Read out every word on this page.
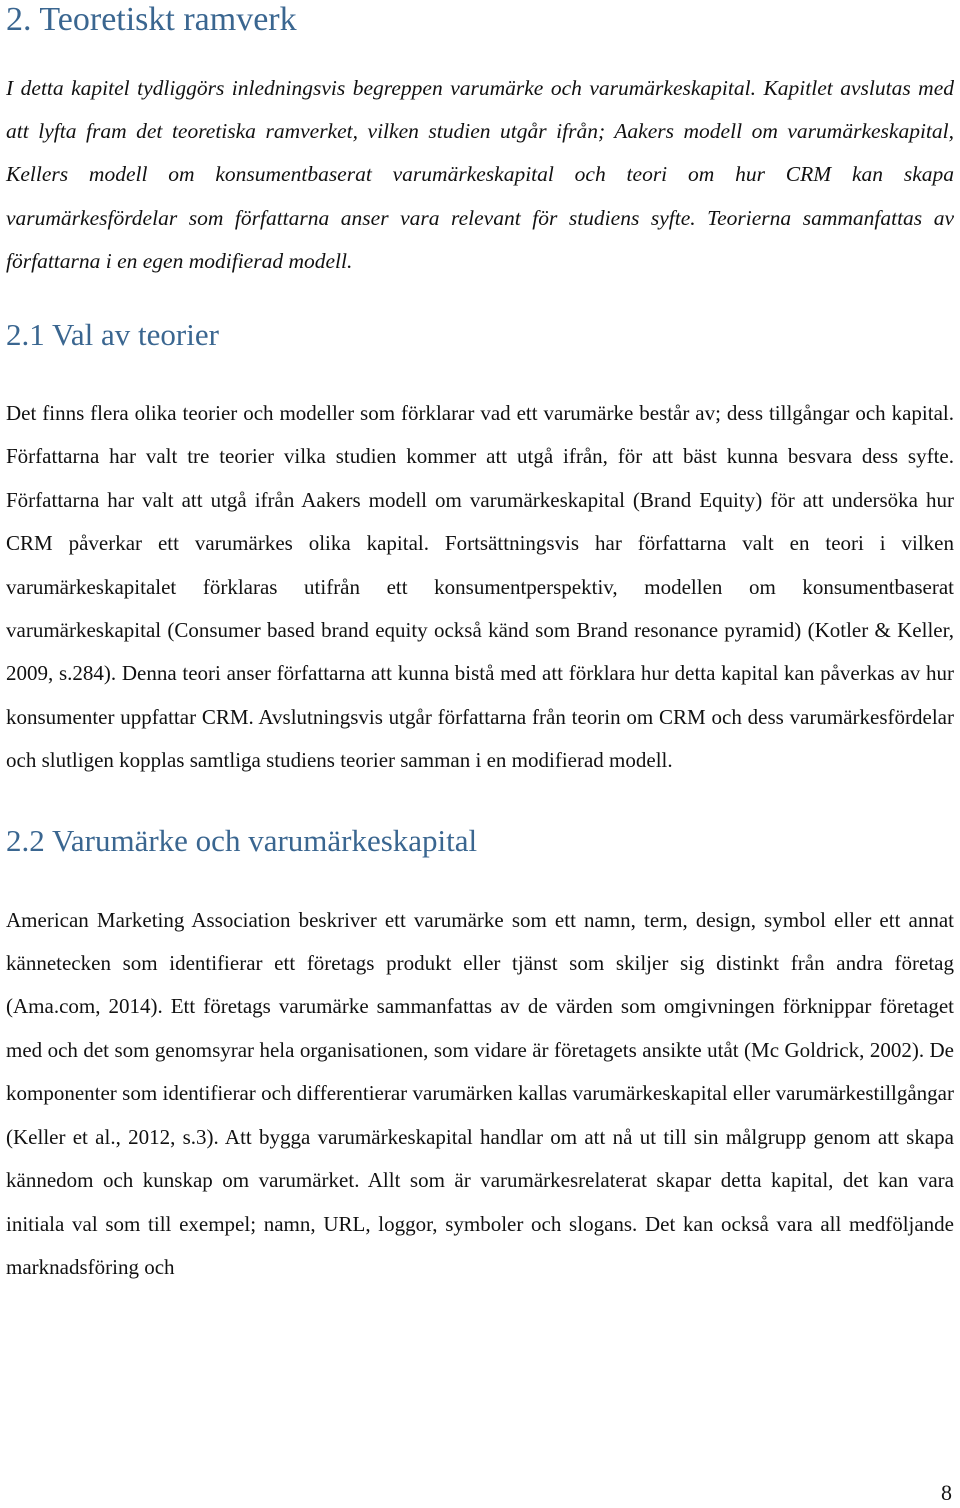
2. Teoretiskt ramverk

I detta kapitel tydliggörs inledningsvis begreppen varumärke och varumärkeskapital. Kapitlet avslutas med att lyfta fram det teoretiska ramverket, vilken studien utgår ifrån; Aakers modell om varumärkeskapital, Kellers modell om konsumentbaserat varumärkeskapital och teori om hur CRM kan skapa varumärkesfördelar som författarna anser vara relevant för studiens syfte. Teorierna sammanfattas av författarna i en egen modifierad modell.

2.1 Val av teorier

Det finns flera olika teorier och modeller som förklarar vad ett varumärke består av; dess tillgångar och kapital. Författarna har valt tre teorier vilka studien kommer att utgå ifrån, för att bäst kunna besvara dess syfte. Författarna har valt att utgå ifrån Aakers modell om varumärkeskapital (Brand Equity) för att undersöka hur CRM påverkar ett varumärkes olika kapital. Fortsättningsvis har författarna valt en teori i vilken varumärkeskapitalet förklaras utifrån ett konsumentperspektiv, modellen om konsumentbaserat varumärkeskapital (Consumer based brand equity också känd som Brand resonance pyramid) (Kotler & Keller, 2009, s.284). Denna teori anser författarna att kunna bistå med att förklara hur detta kapital kan påverkas av hur konsumenter uppfattar CRM. Avslutningsvis utgår författarna från teorin om CRM och dess varumärkesfördelar och slutligen kopplas samtliga studiens teorier samman i en modifierad modell.

2.2 Varumärke och varumärkeskapital

American Marketing Association beskriver ett varumärke som ett namn, term, design, symbol eller ett annat kännetecken som identifierar ett företags produkt eller tjänst som skiljer sig distinkt från andra företag (Ama.com, 2014). Ett företags varumärke sammanfattas av de värden som omgivningen förknippar företaget med och det som genomsyrar hela organisationen, som vidare är företagets ansikte utåt (Mc Goldrick, 2002). De komponenter som identifierar och differentierar varumärken kallas varumärkeskapital eller varumärkestillgångar (Keller et al., 2012, s.3). Att bygga varumärkeskapital handlar om att nå ut till sin målgrupp genom att skapa kännedom och kunskap om varumärket. Allt som är varumärkesrelaterat skapar detta kapital, det kan vara initiala val som till exempel; namn, URL, loggor, symboler och slogans. Det kan också vara all medföljande marknadsföring och

8
